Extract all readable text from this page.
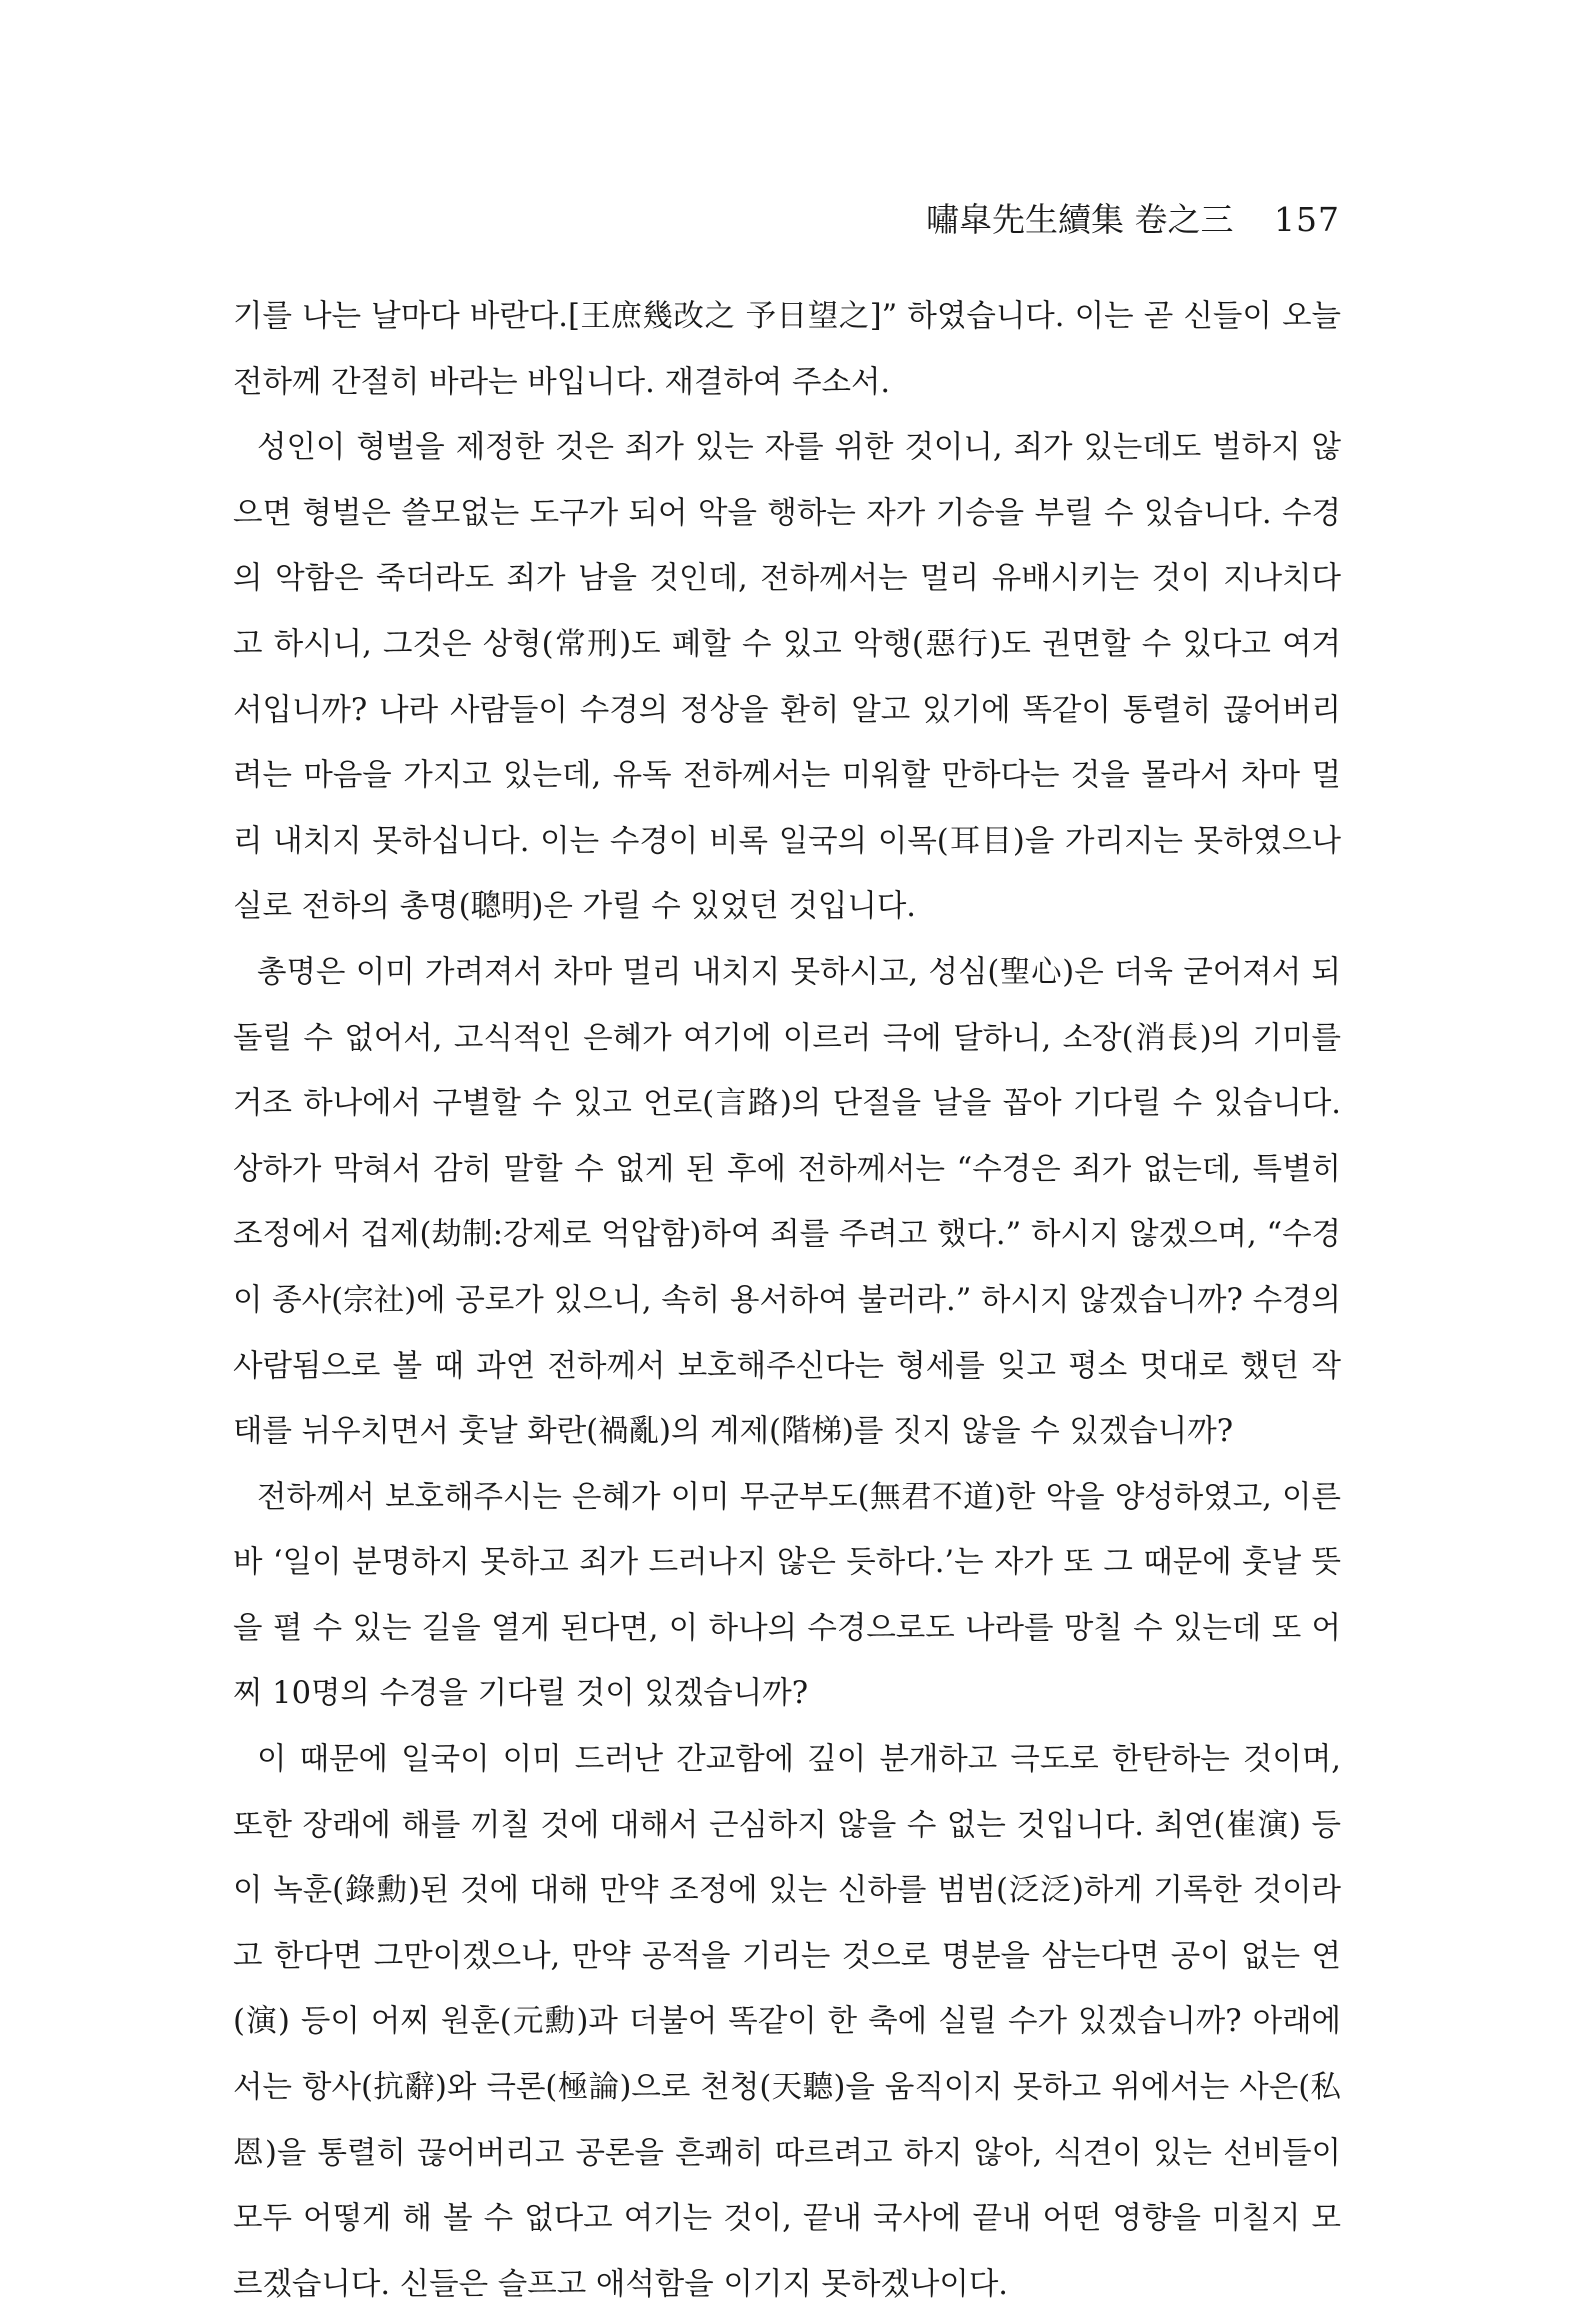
嘯皐先生續集 卷之三 157

기를 나는 날마다 바란다.[王庶幾改之 予日望之]” 하였습니다. 이는 곧 신들이 오늘 전하께 간절히 바라는 바입니다. 재결하여 주소서.

성인이 형벌을 제정한 것은 죄가 있는 자를 위한 것이니, 죄가 있는데도 벌하지 않으면 형벌은 쓸모없는 도구가 되어 악을 행하는 자가 기승을 부릴 수 있습니다. 수경의 악함은 죽더라도 죄가 남을 것인데, 전하께서는 멀리 유배시키는 것이 지나치다고 하시니, 그것은 상형(常刑)도 폐할 수 있고 악행(惡行)도 권면할 수 있다고 여겨서입니까? 나라 사람들이 수경의 정상을 환히 알고 있기에 똑같이 통렬히 끊어버리려는 마음을 가지고 있는데, 유독 전하께서는 미워할 만하다는 것을 몰라서 차마 멀리 내치지 못하십니다. 이는 수경이 비록 일국의 이목(耳目)을 가리지는 못하였으나 실로 전하의 총명(聰明)은 가릴 수 있었던 것입니다.

총명은 이미 가려져서 차마 멀리 내치지 못하시고, 성심(聖心)은 더욱 굳어져서 되돌릴 수 없어서, 고식적인 은혜가 여기에 이르러 극에 달하니, 소장(消長)의 기미를 거조 하나에서 구별할 수 있고 언로(言路)의 단절을 날을 꼽아 기다릴 수 있습니다. 상하가 막혀서 감히 말할 수 없게 된 후에 전하께서는 “수경은 죄가 없는데, 특별히 조정에서 겁제(劫制:강제로 억압함)하여 죄를 주려고 했다.” 하시지 않겠으며, “수경이 종사(宗社)에 공로가 있으니, 속히 용서하여 불러라.” 하시지 않겠습니까? 수경의 사람됨으로 볼 때 과연 전하께서 보호해주신다는 형세를 잊고 평소 멋대로 했던 작태를 뉘우치면서 훗날 화란(禍亂)의 계제(階梯)를 짓지 않을 수 있겠습니까?

전하께서 보호해주시는 은혜가 이미 무군부도(無君不道)한 악을 양성하였고, 이른바 ‘일이 분명하지 못하고 죄가 드러나지 않은 듯하다.’는 자가 또 그 때문에 훗날 뜻을 펼 수 있는 길을 열게 된다면, 이 하나의 수경으로도 나라를 망칠 수 있는데 또 어찌 10명의 수경을 기다릴 것이 있겠습니까?

이 때문에 일국이 이미 드러난 간교함에 깊이 분개하고 극도로 한탄하는 것이며, 또한 장래에 해를 끼칠 것에 대해서 근심하지 않을 수 없는 것입니다. 최연(崔演) 등이 녹훈(錄勳)된 것에 대해 만약 조정에 있는 신하를 범범(泛泛)하게 기록한 것이라고 한다면 그만이겠으나, 만약 공적을 기리는 것으로 명분을 삼는다면 공이 없는 연(演) 등이 어찌 원훈(元勳)과 더불어 똑같이 한 축에 실릴 수가 있겠습니까? 아래에서는 항사(抗辭)와 극론(極論)으로 천청(天聽)을 움직이지 못하고 위에서는 사은(私恩)을 통렬히 끊어버리고 공론을 흔쾌히 따르려고 하지 않아, 식견이 있는 선비들이 모두 어떻게 해 볼 수 없다고 여기는 것이, 끝내 국사에 끝내 어떤 영향을 미칠지 모르겠습니다. 신들은 슬프고 애석함을 이기지 못하겠나이다.
